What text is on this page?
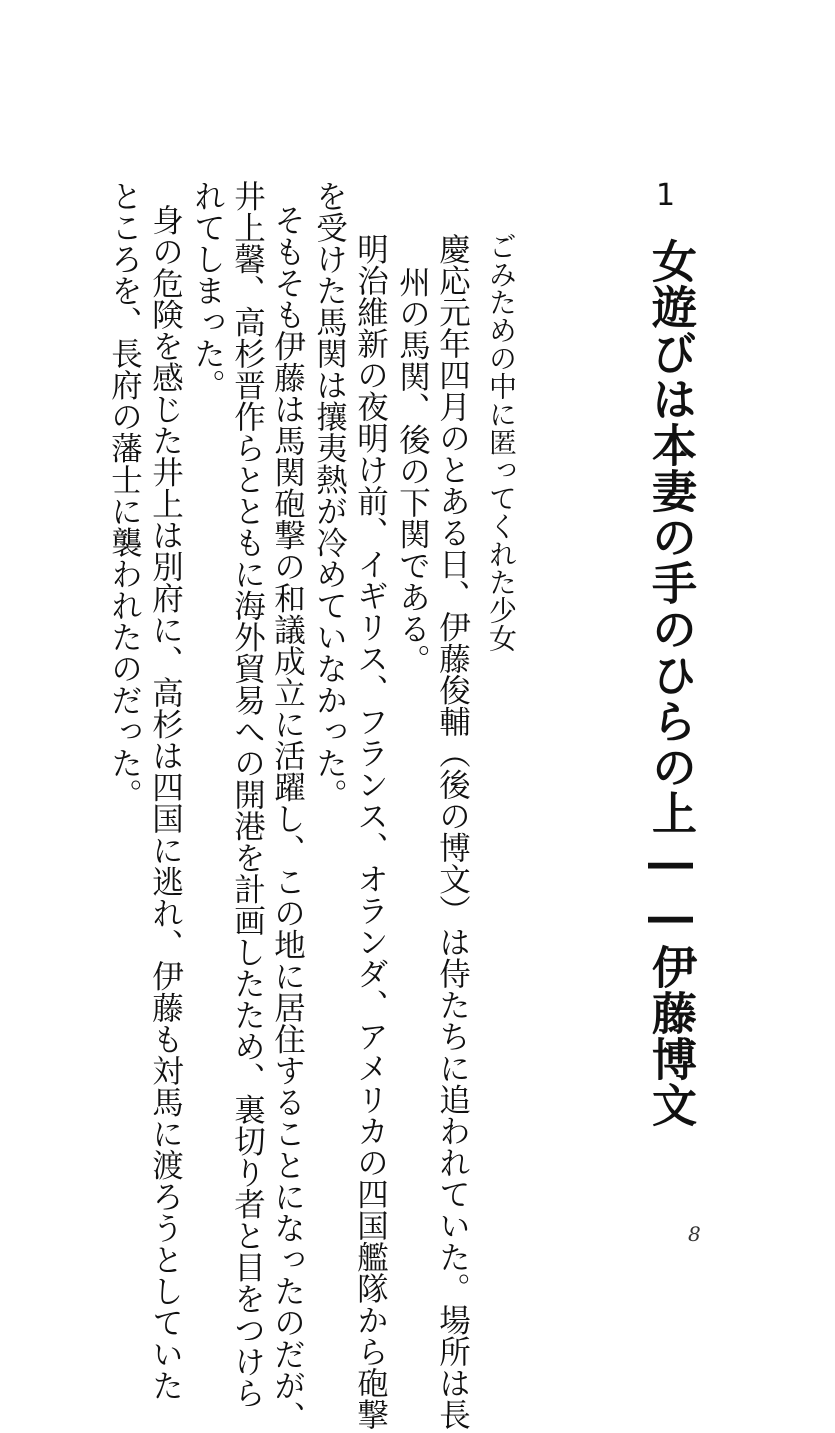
1
女遊びは本妻の手のひらの上――伊藤博文
ごみための中に匿ってくれた少女
慶応元年四月のとある日、伊藤俊輔（後の博文）は侍たちに追われていた。場所は長
州の馬関、後の下関である。
明治維新の夜明け前、イギリス、フランス、オランダ、アメリカの四国艦隊から砲撃
を受けた馬関は攘夷熱が冷めていなかった。
そもそも伊藤は馬関砲撃の和議成立に活躍し、この地に居住することになったのだが、
井上馨、高杉晋作らとともに海外貿易への開港を計画したため、裏切り者と目をつけら
れてしまった。
身の危険を感じた井上は別府に、高杉は四国に逃れ、伊藤も対馬に渡ろうとしていた
ところを、長府の藩士に襲われたのだった。
8
